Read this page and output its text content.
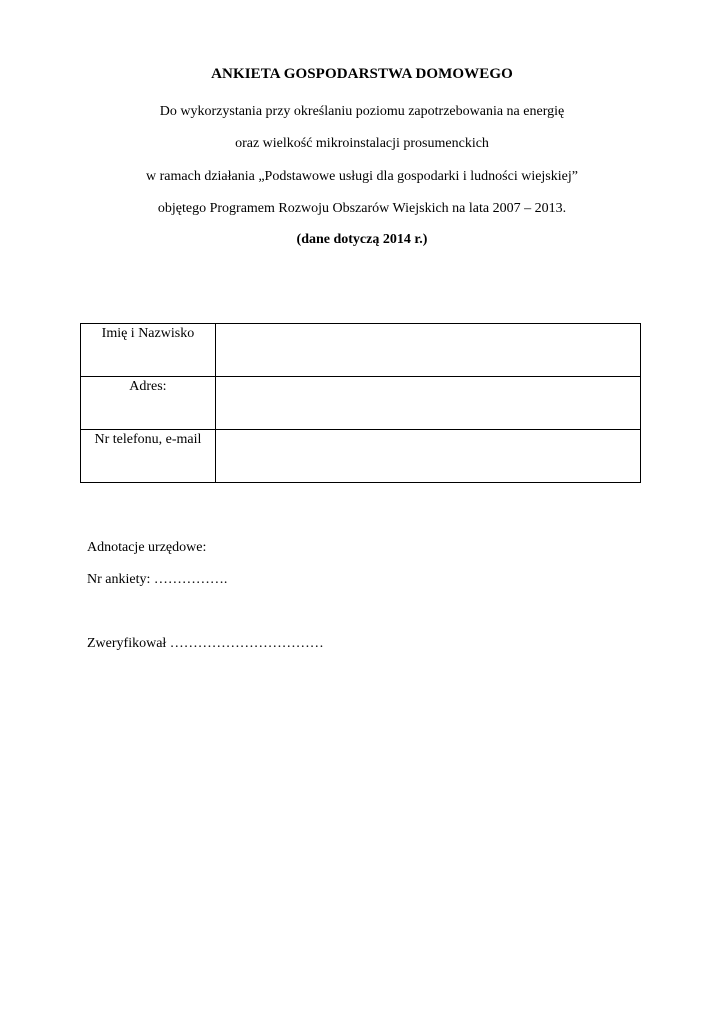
ANKIETA GOSPODARSTWA DOMOWEGO
Do wykorzystania przy określaniu poziomu zapotrzebowania na energię
oraz wielkość mikroinstalacji prosumenckich
w ramach działania „Podstawowe usługi dla gospodarki i ludności wiejskiej”
objętego Programem Rozwoju Obszarów Wiejskich na lata 2007 – 2013.
(dane dotyczą 2014 r.)
Imię i Nazwisko	
Adres:	
Nr telefonu, e-mail	
Adnotacje urzędowe:
Nr ankiety: …………….
Zweryfikował ……………………………
